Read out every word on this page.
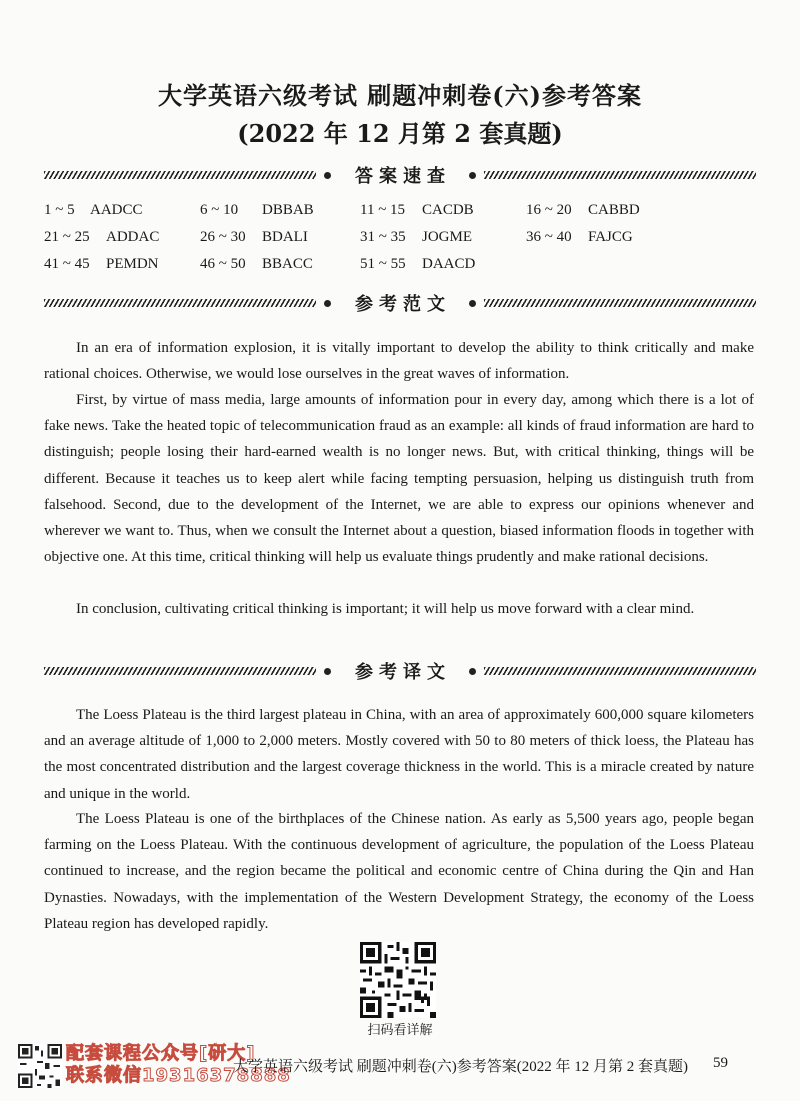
大学英语六级考试 刷题冲刺卷(六)参考答案
(2022 年 12 月第 2 套真题)
答案速查
1 ~ 5 AADCC	6 ~ 10 DBBAB	11 ~ 15 CACDB	16 ~ 20 CABBD
21 ~ 25 ADDAC	26 ~ 30 BDALI	31 ~ 35 JOGME	36 ~ 40 FAJCG
41 ~ 45 PEMDN	46 ~ 50 BBACC	51 ~ 55 DAACD
参考范文

In an era of information explosion, it is vitally important to develop the ability to think critically and make rational choices. Otherwise, we would lose ourselves in the great waves of information.

First, by virtue of mass media, large amounts of information pour in every day, among which there is a lot of fake news. Take the heated topic of telecommunication fraud as an example: all kinds of fraud information are hard to distinguish; people losing their hard-earned wealth is no longer news. But, with critical thinking, things will be different. Because it teaches us to keep alert while facing tempting persuasion, helping us distinguish truth from falsehood. Second, due to the development of the Internet, we are able to express our opinions whenever and wherever we want to. Thus, when we consult the Internet about a question, biased information floods in together with objective one. At this time, critical thinking will help us evaluate things prudently and make rational decisions.

In conclusion, cultivating critical thinking is important; it will help us move forward with a clear mind.

参考译文

The Loess Plateau is the third largest plateau in China, with an area of approximately 600,000 square kilometers and an average altitude of 1,000 to 2,000 meters. Mostly covered with 50 to 80 meters of thick loess, the Plateau has the most concentrated distribution and the largest coverage thickness in the world. This is a miracle created by nature and unique in the world.

The Loess Plateau is one of the birthplaces of the Chinese nation. As early as 5,500 years ago, people began farming on the Loess Plateau. With the continuous development of agriculture, the population of the Loess Plateau continued to increase, and the region became the political and economic centre of China during the Qin and Han Dynasties. Nowadays, with the implementation of the Western Development Strategy, the economy of the Loess Plateau region has developed rapidly.

扫码看详解
配套课程公众号[研大]
联系微信19316378888
大学英语六级考试 刷题冲刺卷(六)参考答案(2022 年 12 月第 2 套真题)	59
